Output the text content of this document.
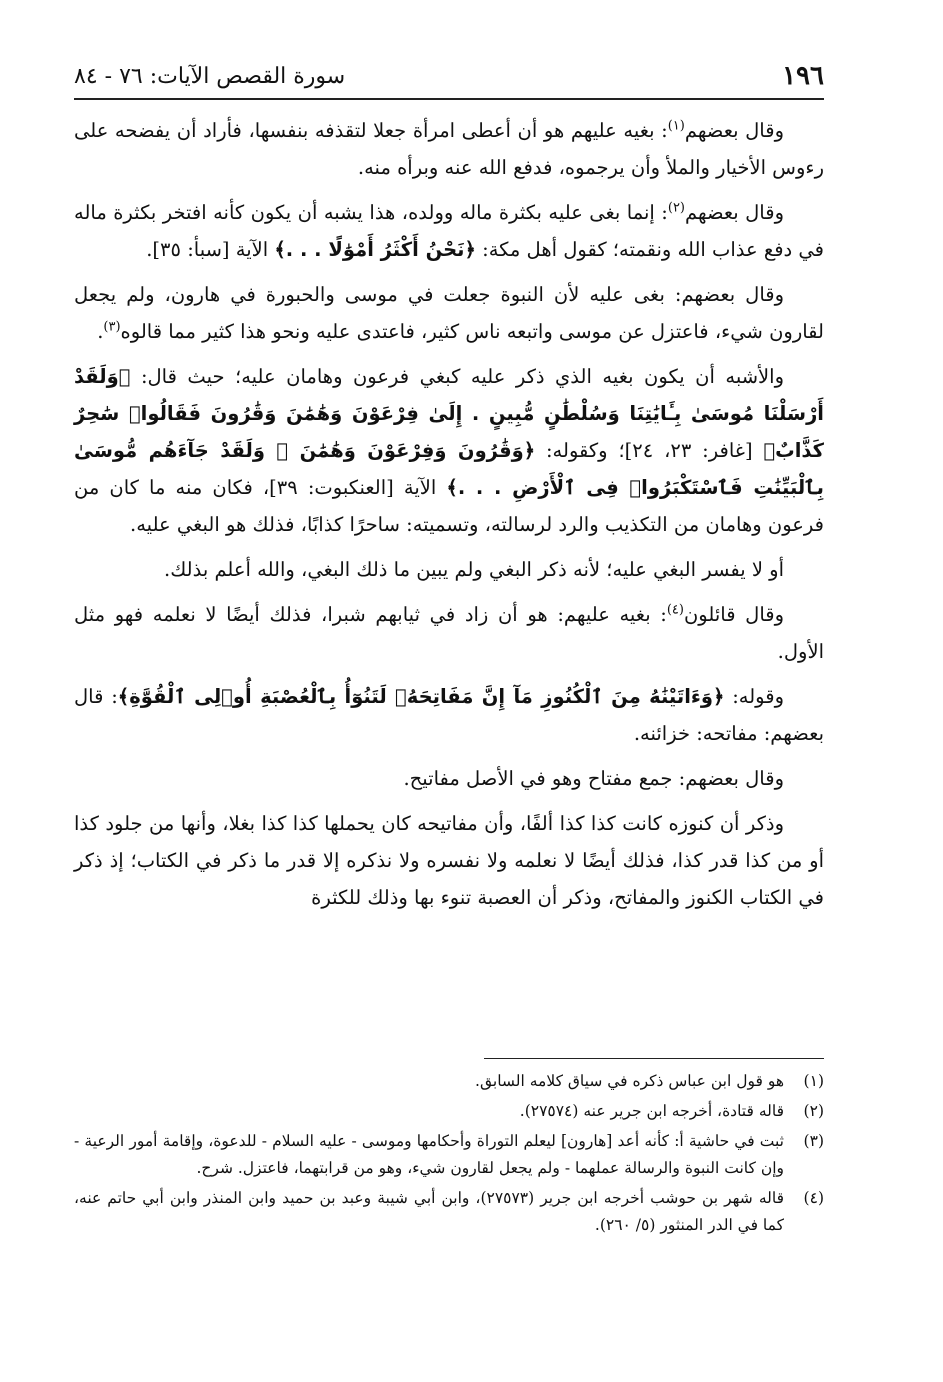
١٩٦
سورة القصص الآيات: ٧٦ - ٨٤

وقال بعضهم$^{(١)}$: بغيه عليهم هو أن أعطى امرأة جعلا لتقذفه بنفسها، فأراد أن يفضحه على رءوس الأخيار والملأ وأن يرجموه، فدفع الله عنه وبرأه منه.

وقال بعضهم$^{(٢)}$: إنما بغى عليه بكثرة ماله وولده، هذا يشبه أن يكون كأنه افتخر بكثرة ماله في دفع عذاب الله ونقمته؛ كقول أهل مكة: ﴿نَحْنُ أَكْثَرُ أَمْوَٰلًا . . .﴾ الآية [سبأ: ٣٥].

وقال بعضهم: بغى عليه لأن النبوة جعلت في موسى والحبورة في هارون، ولم يجعل لقارون شيء، فاعتزل عن موسى واتبعه ناس كثير، فاعتدى عليه ونحو هذا كثير مما قالوه$^{(٣)}$.

والأشبه أن يكون بغيه الذي ذكر عليه كبغي فرعون وهامان عليه؛ حيث قال: ﴿وَلَقَدْ أَرْسَلْنَا مُوسَىٰ بِـَٔايَٰتِنَا وَسُلْطَٰنٍ مُّبِينٍ . إِلَىٰ فِرْعَوْنَ وَهَٰمَٰنَ وَقَٰرُونَ فَقَالُوا۟ سَٰحِرٌ كَذَّابٌ﴾ [غافر: ٢٣، ٢٤]؛ وكقوله: ﴿وَقَٰرُونَ وَفِرْعَوْنَ وَهَٰمَٰنَ ۖ وَلَقَدْ جَآءَهُم مُّوسَىٰ بِٱلْبَيِّنَٰتِ فَٱسْتَكْبَرُوا۟ فِى ٱلْأَرْضِ . . .﴾ الآية [العنكبوت: ٣٩]، فكان منه ما كان من فرعون وهامان من التكذيب والرد لرسالته، وتسميته: ساحرًا كذابًا، فذلك هو البغي عليه.

أو لا يفسر البغي عليه؛ لأنه ذكر البغي ولم يبين ما ذلك البغي، والله أعلم بذلك.

وقال قائلون$^{(٤)}$: بغيه عليهم: هو أن زاد في ثيابهم شبرا، فذلك أيضًا لا نعلمه فهو مثل الأول.

وقوله: ﴿وَءَاتَيْنَٰهُ مِنَ ٱلْكُنُوزِ مَآ إِنَّ مَفَاتِحَهُۥ لَتَنُوٓأُ بِٱلْعُصْبَةِ أُو۟لِى ٱلْقُوَّةِ﴾: قال بعضهم: مفاتحه: خزائنه.

وقال بعضهم: جمع مفتاح وهو في الأصل مفاتيح.

وذكر أن كنوزه كانت كذا كذا ألفًا، وأن مفاتيحه كان يحملها كذا كذا بغلا، وأنها من جلود كذا أو من كذا قدر كذا، فذلك أيضًا لا نعلمه ولا نفسره ولا نذكره إلا قدر ما ذكر في الكتاب؛ إذ ذكر في الكتاب الكنوز والمفاتح، وذكر أن العصبة تنوء بها وذلك للكثرة

(١)
هو قول ابن عباس ذكره في سياق كلامه السابق.
(٢)
قاله قتادة، أخرجه ابن جرير عنه (٢٧٥٧٤).
(٣)
ثبت في حاشية أ: كأنه أعد [هارون] ليعلم التوراة وأحكامها وموسى - عليه السلام - للدعوة، وإقامة أمور الرعية - وإن كانت النبوة والرسالة عملهما - ولم يجعل لقارون شيء، وهو من قرابتهما، فاعتزل. شرح.
(٤)
قاله شهر بن حوشب أخرجه ابن جرير (٢٧٥٧٣)، وابن أبي شيبة وعبد بن حميد وابن المنذر وابن أبي حاتم عنه، كما في الدر المنثور (٥/ ٢٦٠).
